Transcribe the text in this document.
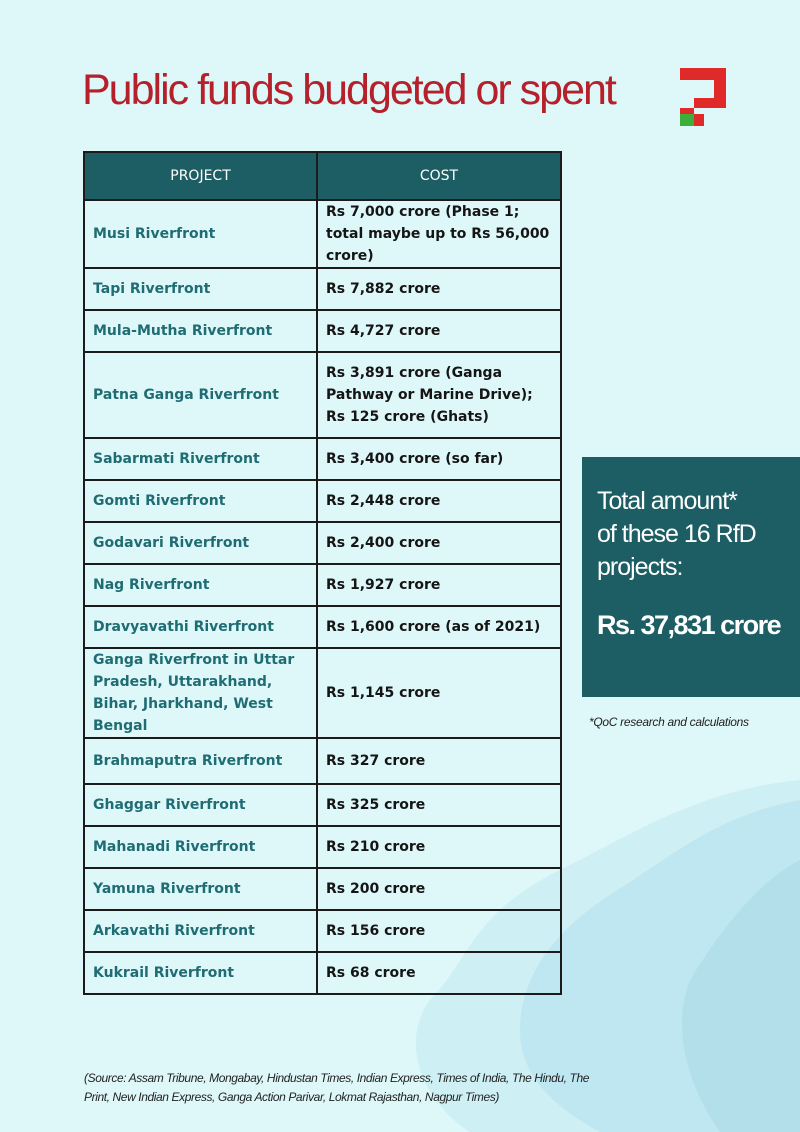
Public funds budgeted or spent
PROJECT	COST
Musi Riverfront	Rs 7,000 crore (Phase 1; total maybe up to Rs 56,000 crore)
Tapi Riverfront	Rs 7,882 crore
Mula-Mutha Riverfront	Rs 4,727 crore
Patna Ganga Riverfront	Rs 3,891 crore (Ganga Pathway or Marine Drive); Rs 125 crore (Ghats)
Sabarmati Riverfront	Rs 3,400 crore (so far)
Gomti Riverfront	Rs 2,448 crore
Godavari Riverfront	Rs 2,400 crore
Nag Riverfront	Rs 1,927 crore
Dravyavathi Riverfront	Rs 1,600 crore (as of 2021)
Ganga Riverfront in Uttar Pradesh, Uttarakhand, Bihar, Jharkhand, West Bengal	Rs 1,145 crore
Brahmaputra Riverfront	Rs 327 crore
Ghaggar Riverfront	Rs 325 crore
Mahanadi Riverfront	Rs 210 crore
Yamuna Riverfront	Rs 200 crore
Arkavathi Riverfront	Rs 156 crore
Kukrail Riverfront	Rs 68 crore
Total amount*
of these 16 RfD
projects:
Rs. 37,831 crore
*QoC research and calculations
(Source: Assam Tribune, Mongabay, Hindustan Times, Indian Express, Times of India, The Hindu, The Print, New Indian Express, Ganga Action Parivar, Lokmat Rajasthan, Nagpur Times)
